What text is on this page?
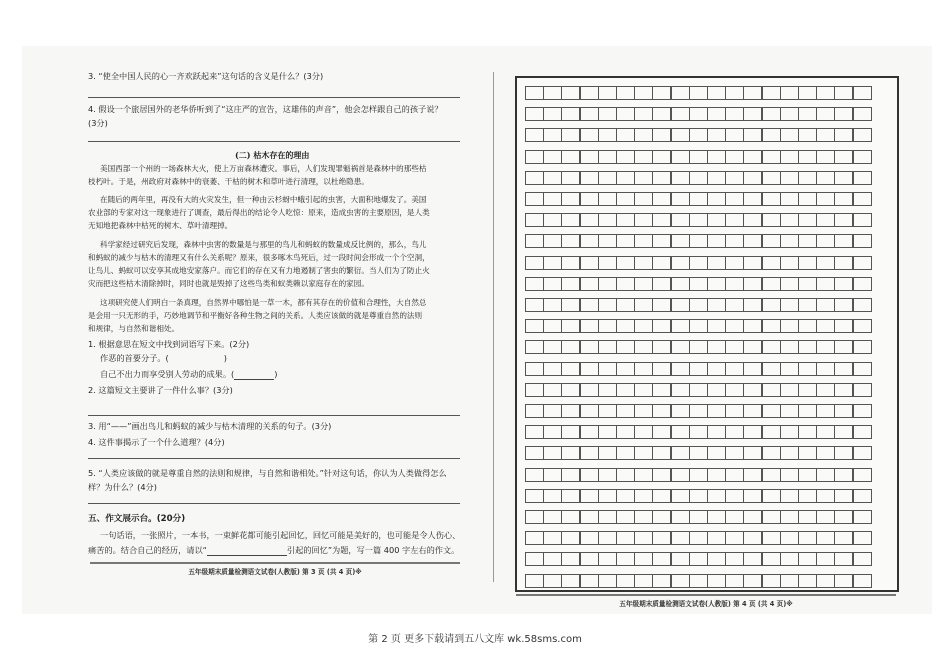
3. “使全中国人民的心一齐欢跃起来”这句话的含义是什么？(3分)
4. 假设一个旅居国外的老华侨听到了“这庄严的宣告，这雄伟的声音”，他会怎样跟自己的孩子说？
(3分)
(二) 枯木存在的理由
美国西部一个州的一场森林大火，使上万亩森林遭灾。事后，人们发现罪魁祸首是森林中的那些枯
枝朽叶。于是，州政府对森林中的衰萎、干枯的树木和草叶进行清理，以杜绝隐患。
在随后的两年里，再没有大的火灾发生，但一种由云杉蚜中蛾引起的虫害，大面积地爆发了。美国
农业部的专家对这一现象进行了调查，最后得出的结论令人吃惊：原来，造成虫害的主要原因，是人类
无知地把森林中枯死的树木、草叶清理掉。
科学家经过研究后发现，森林中虫害的数量是与那里的鸟儿和蚂蚁的数量成反比例的，那么，鸟儿
和蚂蚁的减少与枯木的清理又有什么关系呢？原来，很多啄木鸟死后，过一段时间会形成一个个空洞，
让鸟儿、蚂蚁可以安享其成地安家落户。而它们的存在又有力地遏制了害虫的繁衍。当人们为了防止火
灾而把这些枯木清除掉时，同时也就是毁掉了这些鸟类和蚁类赖以家庭存在的家园。
这项研究使人们明白一条真理，自然界中哪怕是一草一木，都有其存在的价值和合理性，大自然总
是会用一只无形的手，巧妙地调节和平衡好各种生物之间的关系。人类应该做的就是尊重自然的法则
和规律，与自然和谐相处。
1. 根据意思在短文中找到词语写下来。(2分)
作恶的首要分子。(	)
自己不出力而享受别人劳动的成果。(	)
2. 这篇短文主要讲了一件什么事？(3分)
3. 用“——”画出鸟儿和蚂蚁的减少与枯木清理的关系的句子。(3分)
4. 这件事揭示了一个什么道理？(4分)
5. “人类应该做的就是尊重自然的法则和规律，与自然和谐相处。”针对这句话，你认为人类做得怎么
样？为什么？(4分)
五、作文展示台。(20分)
一句话语，一张照片，一本书，一束鲜花都可能引起回忆，回忆可能是美好的，也可能是令人伤心、
痛苦的。结合自己的经历，请以“	引起的回忆”为题，写一篇 400 字左右的作文。
五年级期末质量检测语文试卷(人教版) 第 3 页 (共 4 页)※
五年级期末质量检测语文试卷(人教版) 第 4 页 (共 4 页)※
第 2 页 更多下载请到五八文库 wk.58sms.com
